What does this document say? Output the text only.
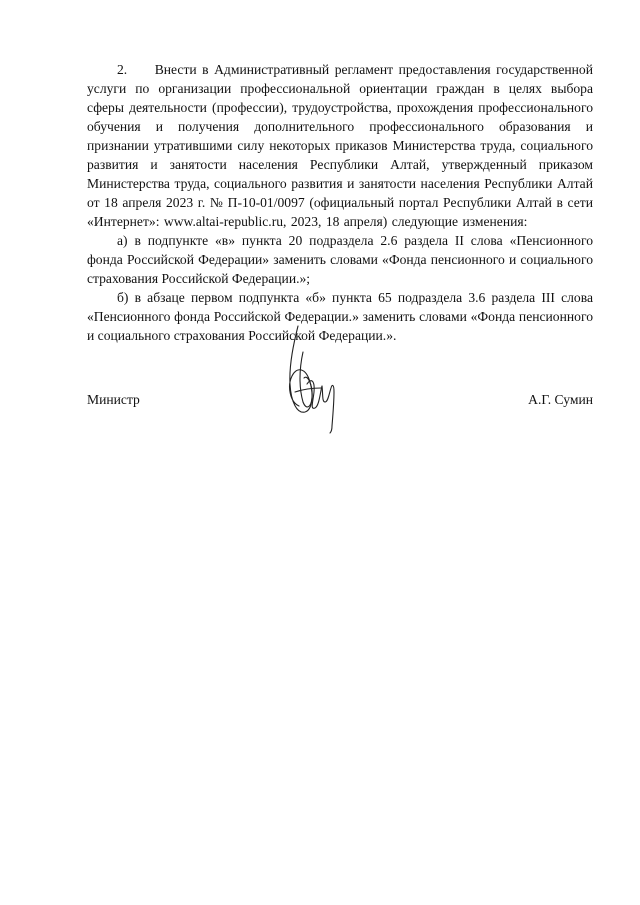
2.     Внести в Административный регламент предоставления государственной услуги по организации профессиональной ориентации граждан в целях выбора сферы деятельности (профессии), трудоустройства, прохождения профессионального обучения и получения дополнительного профессионального образования и признании утратившими силу некоторых приказов Министерства труда, социального развития и занятости населения Республики Алтай, утвержденный приказом Министерства труда, социального развития и занятости населения Республики Алтай от 18 апреля 2023 г. № П-10-01/0097 (официальный портал Республики Алтай в сети «Интернет»: www.altai-republic.ru, 2023, 18 апреля) следующие изменения:

а) в подпункте «в» пункта 20 подраздела 2.6 раздела II слова «Пенсионного фонда Российской Федерации» заменить словами «Фонда пенсионного и социального страхования Российской Федерации.»;

б) в абзаце первом подпункта «б» пункта 65 подраздела 3.6 раздела III слова «Пенсионного фонда Российской Федерации.» заменить словами «Фонда пенсионного и социального страхования Российской Федерации.».

Министр	А.Г. Сумин
